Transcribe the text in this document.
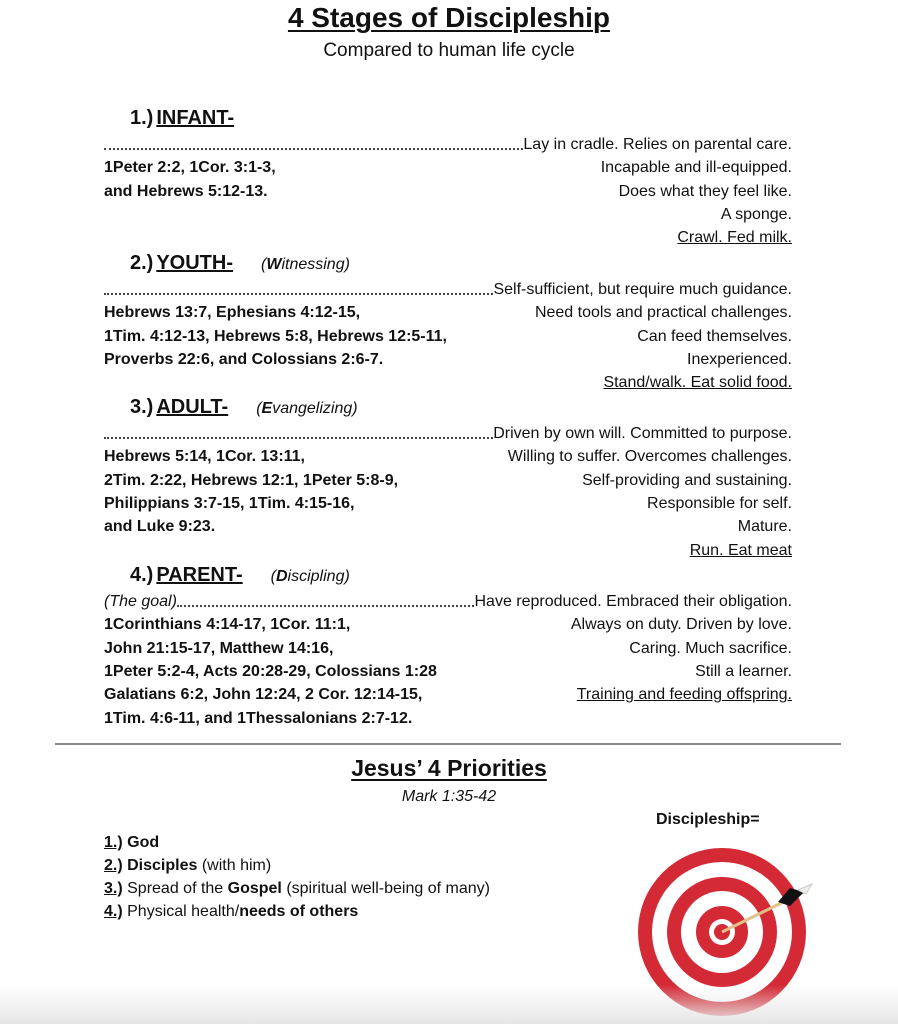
4 Stages of Discipleship
Compared to human life cycle
1.) INFANT-
Lay in cradle. Relies on parental care.
1Peter 2:2, 1Cor. 3:1-3,	Incapable and ill-equipped.
and Hebrews 5:12-13.	Does what they feel like.
A sponge.
Crawl. Fed milk.
2.) YOUTH- (Witnessing)
Self-sufficient, but require much guidance.
Hebrews 13:7, Ephesians 4:12-15,	Need tools and practical challenges.
1Tim. 4:12-13, Hebrews 5:8, Hebrews 12:5-11,	Can feed themselves.
Proverbs 22:6, and Colossians 2:6-7.	Inexperienced.
Stand/walk. Eat solid food.
3.) ADULT- (Evangelizing)
Driven by own will. Committed to purpose.
Hebrews 5:14, 1Cor. 13:11,	Willing to suffer. Overcomes challenges.
2Tim. 2:22, Hebrews 12:1, 1Peter 5:8-9,	Self-providing and sustaining.
Philippians 3:7-15, 1Tim. 4:15-16,	Responsible for self.
and Luke 9:23.	Mature.
Run. Eat meat
4.) PARENT- (Discipling)
(The goal)	Have reproduced. Embraced their obligation.
1Corinthians 4:14-17, 1Cor. 11:1,	Always on duty. Driven by love.
John 21:15-17, Matthew 14:16,	Caring. Much sacrifice.
1Peter 5:2-4, Acts 20:28-29, Colossians 1:28	Still a learner.
Galatians 6:2, John 12:24, 2 Cor. 12:14-15,	Training and feeding offspring.
1Tim. 4:6-11, and 1Thessalonians 2:7-12.
Jesus’ 4 Priorities
Mark 1:35-42
Discipleship=
1.) God
2.) Disciples (with him)
3.) Spread of the Gospel (spiritual well-being of many)
4.) Physical health/needs of others
